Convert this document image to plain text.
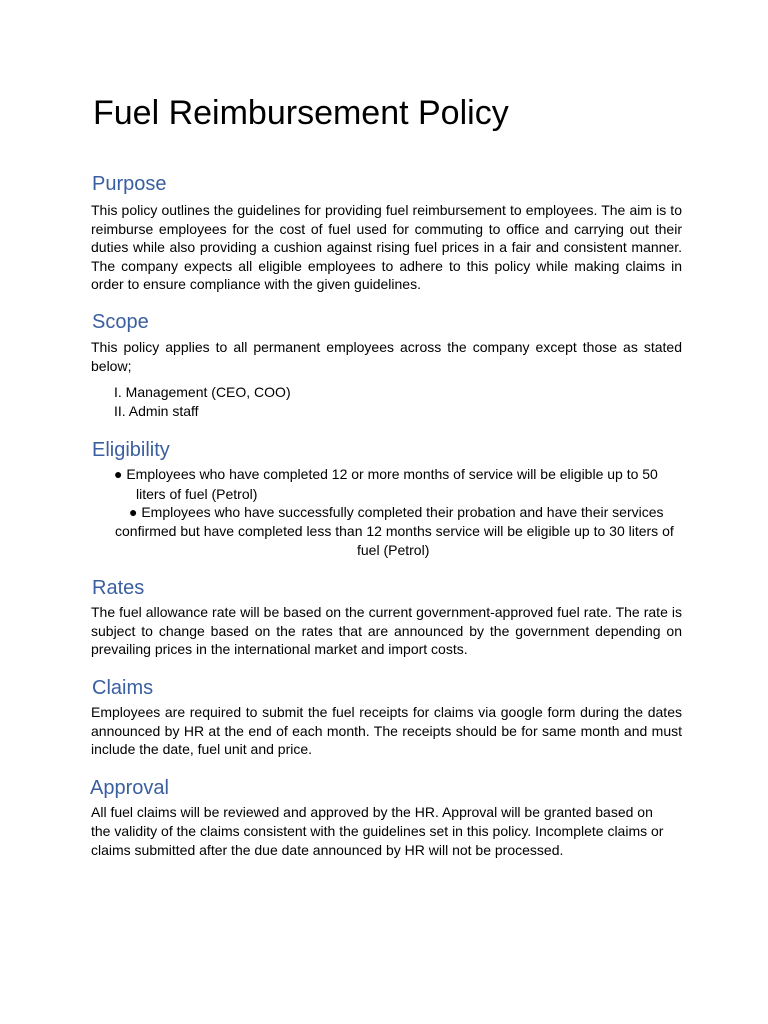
Fuel Reimbursement Policy
Purpose

This policy outlines the guidelines for providing fuel reimbursement to employees. The aim is to reimburse employees for the cost of fuel used for commuting to office and carrying out their duties while also providing a cushion against rising fuel prices in a fair and consistent manner. The company expects all eligible employees to adhere to this policy while making claims in order to ensure compliance with the given guidelines.

Scope

This policy applies to all permanent employees across the company except those as stated below;

I. Management (CEO, COO)
II. Admin staff
Eligibility
● Employees who have completed 12 or more months of service will be eligible up to 50
liters of fuel (Petrol)
● Employees who have successfully completed their probation and have their services
confirmed but have completed less than 12 months service will be eligible up to 30 liters of
fuel (Petrol)
Rates

The fuel allowance rate will be based on the current government-approved fuel rate. The rate is subject to change based on the rates that are announced by the government depending on prevailing prices in the international market and import costs.

Claims

Employees are required to submit the fuel receipts for claims via google form during the dates announced by HR at the end of each month. The receipts should be for same month and must include the date, fuel unit and price.

Approval
All fuel claims will be reviewed and approved by the HR. Approval will be granted based on
the validity of the claims consistent with the guidelines set in this policy. Incomplete claims or
claims submitted after the due date announced by HR will not be processed.
